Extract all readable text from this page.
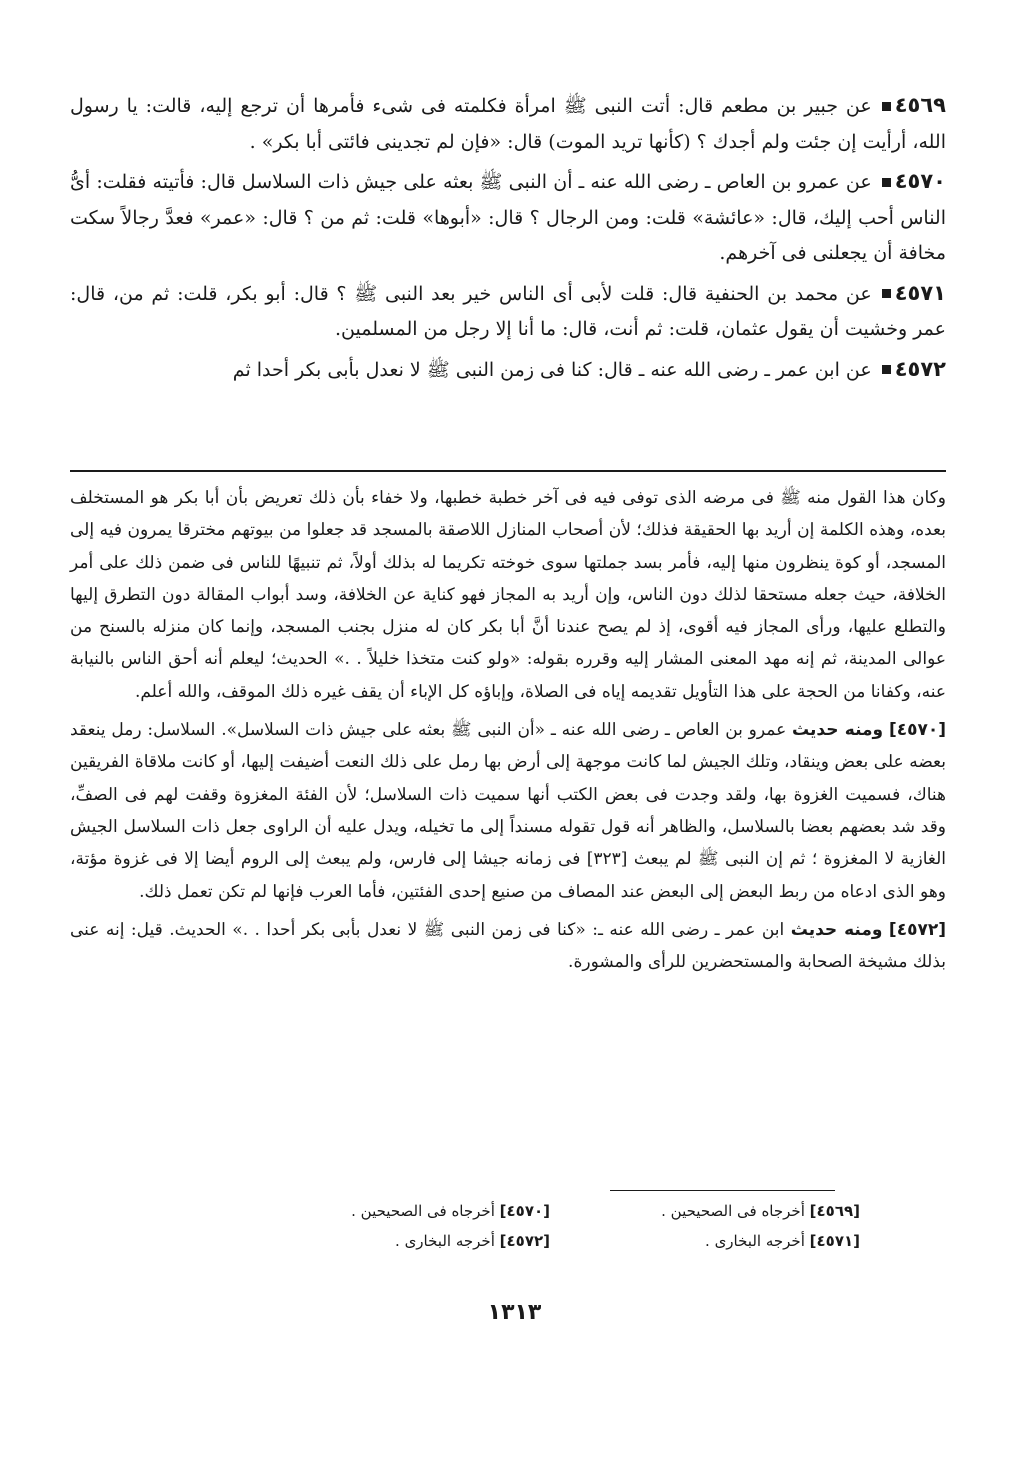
٤٥٦٩عن جبير بن مطعم قال: أتت النبى ﷺ امرأة فكلمته فى شىء فأمرها أن ترجع إليه، قالت: يا رسول الله، أرأيت إن جئت ولم أجدك ؟ (كأنها تريد الموت) قال: «فإن لم تجدينى فائتى أبا بكر» .

٤٥٧٠عن عمرو بن العاص ـ رضى الله عنه ـ أن النبى ﷺ بعثه على جيش ذات السلاسل قال: فأتيته فقلت: أىُّ الناس أحب إليك، قال: «عائشة» قلت: ومن الرجال ؟ قال: «أبوها» قلت: ثم من ؟ قال: «عمر» فعدَّ رجالاً سكت مخافة أن يجعلنى فى آخرهم.

٤٥٧١عن محمد بن الحنفية قال: قلت لأبى أى الناس خير بعد النبى ﷺ ؟ قال: أبو بكر، قلت: ثم من، قال: عمر وخشيت أن يقول عثمان، قلت: ثم أنت، قال: ما أنا إلا رجل من المسلمين.

٤٥٧٢عن ابن عمر ـ رضى الله عنه ـ قال: كنا فى زمن النبى ﷺ لا نعدل بأبى بكر أحدا ثم

وكان هذا القول منه ﷺ فى مرضه الذى توفى فيه فى آخر خطبة خطبها، ولا خفاء بأن ذلك تعريض بأن أبا بكر هو المستخلف بعده، وهذه الكلمة إن أريد بها الحقيقة فذلك؛ لأن أصحاب المنازل اللاصقة بالمسجد قد جعلوا من بيوتهم مخترقا يمرون فيه إلى المسجد، أو كوة ينظرون منها إليه، فأمر بسد جملتها سوى خوخته تكريما له بذلك أولاً، ثم تنبيهًا للناس فى ضمن ذلك على أمر الخلافة، حيث جعله مستحقا لذلك دون الناس، وإن أريد به المجاز فهو كناية عن الخلافة، وسد أبواب المقالة دون التطرق إليها والتطلع عليها، ورأى المجاز فيه أقوى، إذ لم يصح عندنا أنَّ أبا بكر كان له منزل بجنب المسجد، وإنما كان منزله بالسنح من عوالى المدينة، ثم إنه مهد المعنى المشار إليه وقرره بقوله: «ولو كنت متخذا خليلاً . .» الحديث؛ ليعلم أنه أحق الناس بالنيابة عنه، وكفانا من الحجة على هذا التأويل تقديمه إياه فى الصلاة، وإباؤه كل الإباء أن يقف غيره ذلك الموقف، والله أعلم.

[٤٥٧٠] ومنه حديث عمرو بن العاص ـ رضى الله عنه ـ «أن النبى ﷺ بعثه على جيش ذات السلاسل». السلاسل: رمل ينعقد بعضه على بعض وينقاد، وتلك الجيش لما كانت موجهة إلى أرض بها رمل على ذلك النعت أضيفت إليها، أو كانت ملاقاة الفريقين هناك، فسميت الغزوة بها، ولقد وجدت فى بعض الكتب أنها سميت ذات السلاسل؛ لأن الفئة المغزوة وقفت لهم فى الصفِّ، وقد شد بعضهم بعضا بالسلاسل، والظاهر أنه قول تقوله مسنداً إلى ما تخيله، ويدل عليه أن الراوى جعل ذات السلاسل الجيش الغازية لا المغزوة ؛ ثم إن النبى ﷺ لم يبعث [٣٢٣] فى زمانه جيشا إلى فارس، ولم يبعث إلى الروم أيضا إلا فى غزوة مؤتة، وهو الذى ادعاه من ربط البعض إلى البعض عند المصاف من صنيع إحدى الفئتين، فأما العرب فإنها لم تكن تعمل ذلك.

[٤٥٧٢] ومنه حديث ابن عمر ـ رضى الله عنه ـ: «كنا فى زمن النبى ﷺ لا نعدل بأبى بكر أحدا . .» الحديث. قيل: إنه عنى بذلك مشيخة الصحابة والمستحضرين للرأى والمشورة.

[٤٥٦٩] أخرجاه فى الصحيحين .
[٤٥٧٠] أخرجاه فى الصحيحين .
[٤٥٧١] أخرجه البخارى .
[٤٥٧٢] أخرجه البخارى .
١٣١٣
